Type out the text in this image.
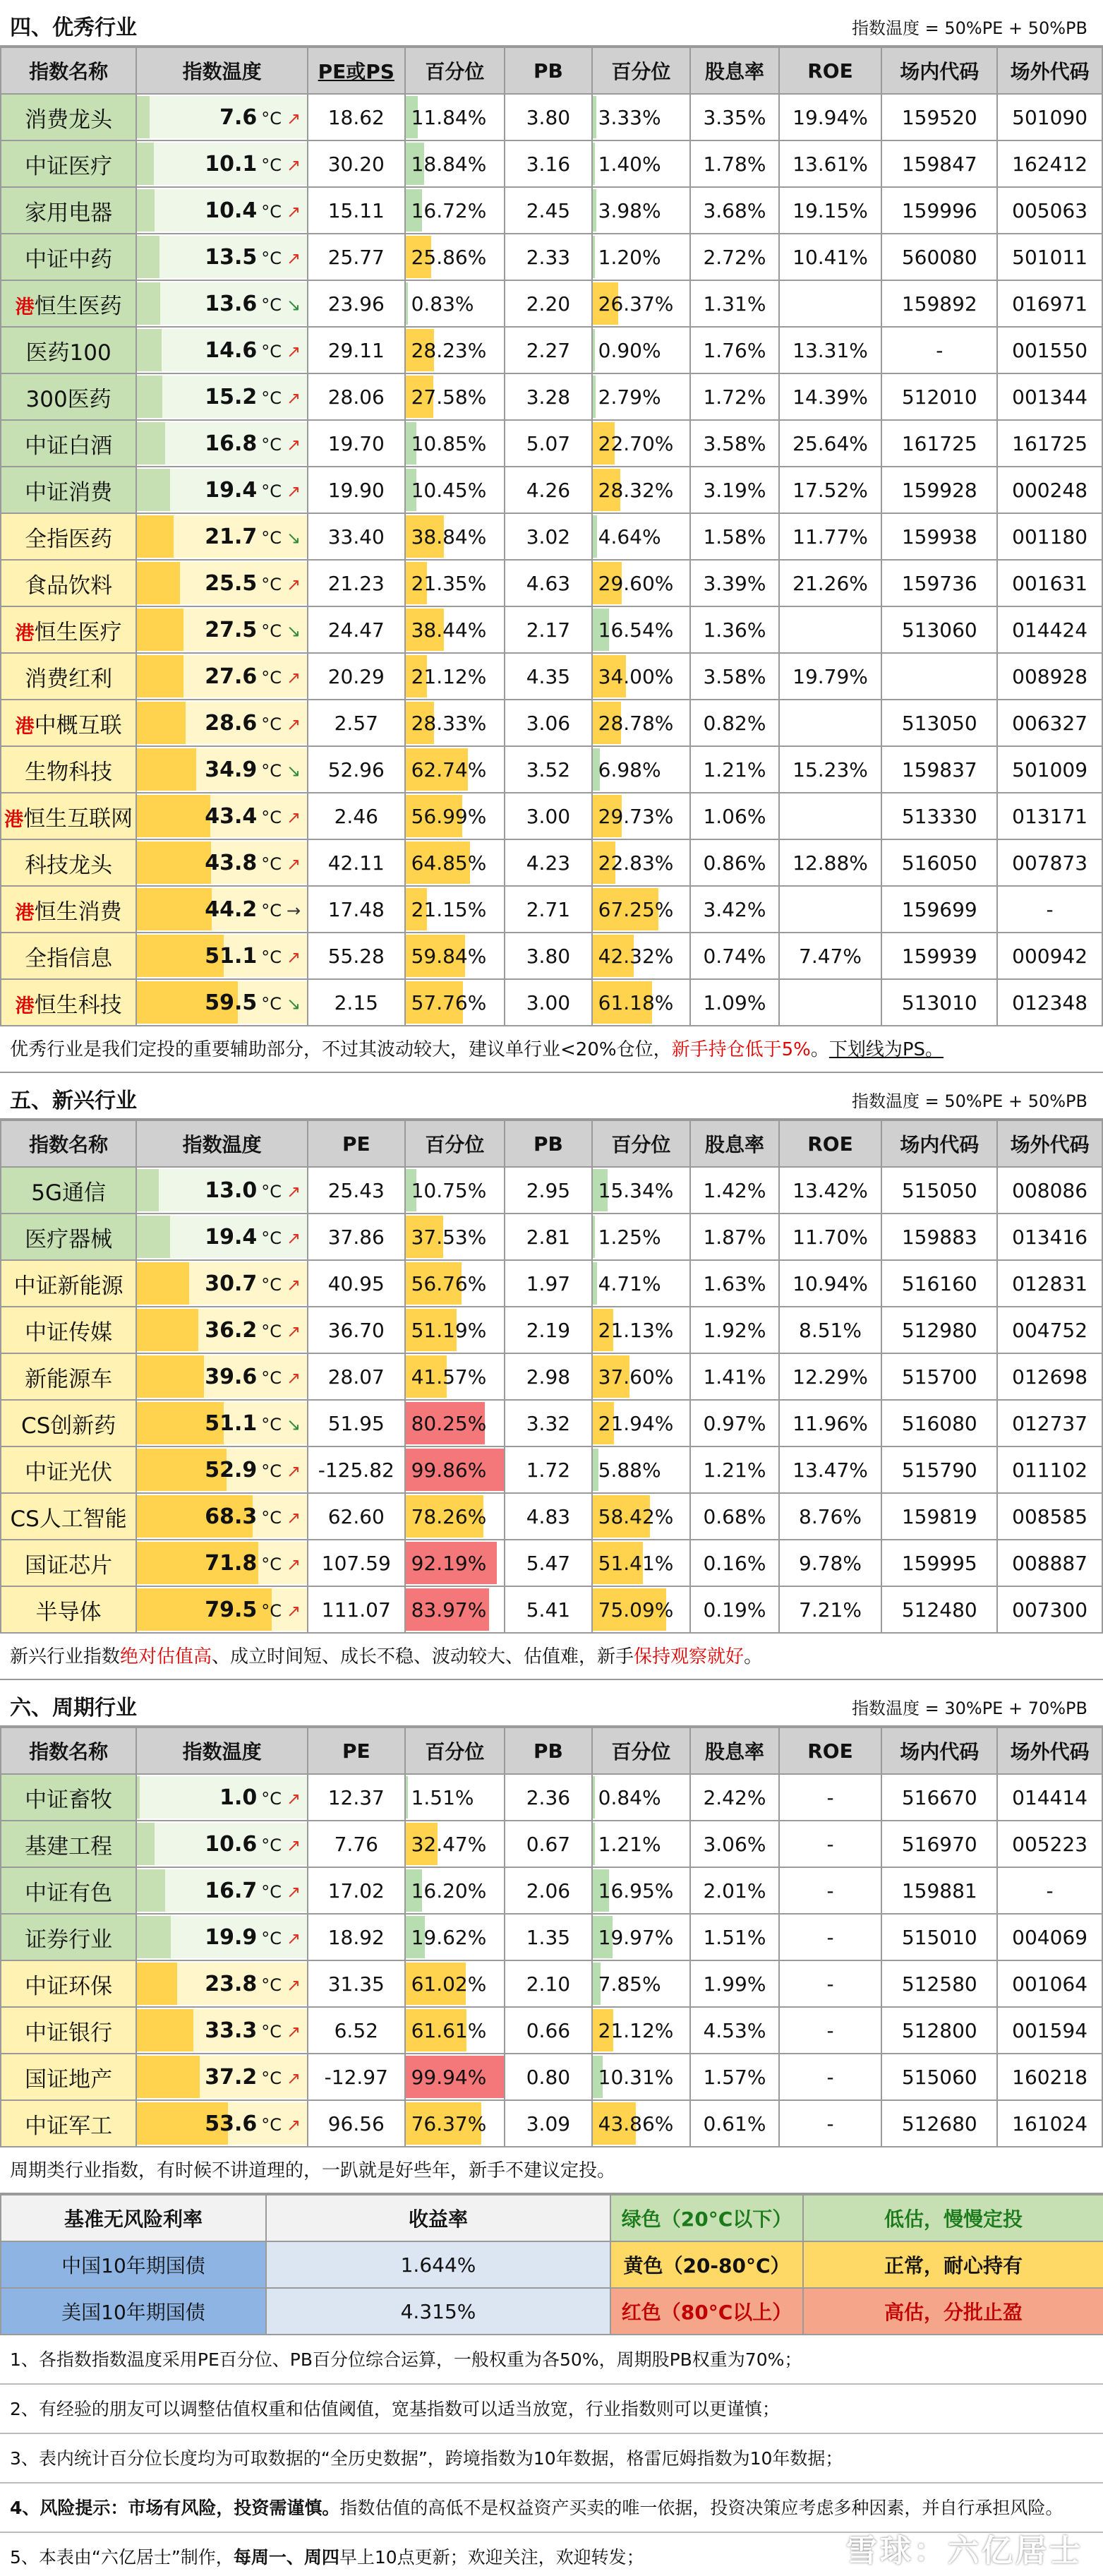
四、优秀行业	指数温度 = 50%PE + 50%PB
指数名称	指数温度	PE或PS	百分位	PB	百分位	股息率	ROE	场内代码	场外代码
消费龙头	7.6 °C ↗	18.62	11.84%	3.80	3.33%	3.35%	19.94%	159520	501090
中证医疗	10.1 °C ↗	30.20	18.84%	3.16	1.40%	1.78%	13.61%	159847	162412
家用电器	10.4 °C ↗	15.11	16.72%	2.45	3.98%	3.68%	19.15%	159996	005063
中证中药	13.5 °C ↗	25.77	25.86%	2.33	1.20%	2.72%	10.41%	560080	501011
港恒生医药	13.6 °C ↘	23.96	0.83%	2.20	26.37%	1.31%		159892	016971
医药100	14.6 °C ↗	29.11	28.23%	2.27	0.90%	1.76%	13.31%	-	001550
300医药	15.2 °C ↗	28.06	27.58%	3.28	2.79%	1.72%	14.39%	512010	001344
中证白酒	16.8 °C ↗	19.70	10.85%	5.07	22.70%	3.58%	25.64%	161725	161725
中证消费	19.4 °C ↗	19.90	10.45%	4.26	28.32%	3.19%	17.52%	159928	000248
全指医药	21.7 °C ↘	33.40	38.84%	3.02	4.64%	1.58%	11.77%	159938	001180
食品饮料	25.5 °C ↗	21.23	21.35%	4.63	29.60%	3.39%	21.26%	159736	001631
港恒生医疗	27.5 °C ↘	24.47	38.44%	2.17	16.54%	1.36%		513060	014424
消费红利	27.6 °C ↗	20.29	21.12%	4.35	34.00%	3.58%	19.79%		008928
港中概互联	28.6 °C ↗	2.57	28.33%	3.06	28.78%	0.82%		513050	006327
生物科技	34.9 °C ↘	52.96	62.74%	3.52	6.98%	1.21%	15.23%	159837	501009
港恒生互联网	43.4 °C ↗	2.46	56.99%	3.00	29.73%	1.06%		513330	013171
科技龙头	43.8 °C ↗	42.11	64.85%	4.23	22.83%	0.86%	12.88%	516050	007873
港恒生消费	44.2 °C →	17.48	21.15%	2.71	67.25%	3.42%		159699	-
全指信息	51.1 °C ↗	55.28	59.84%	3.80	42.32%	0.74%	7.47%	159939	000942
港恒生科技	59.5 °C ↘	2.15	57.76%	3.00	61.18%	1.09%		513010	012348
优秀行业是我们定投的重要辅助部分，不过其波动较大，建议单行业<20%仓位，新手持仓低于5%。下划线为PS。
五、新兴行业	指数温度 = 50%PE + 50%PB
指数名称	指数温度	PE	百分位	PB	百分位	股息率	ROE	场内代码	场外代码
5G通信	13.0 °C ↗	25.43	10.75%	2.95	15.34%	1.42%	13.42%	515050	008086
医疗器械	19.4 °C ↗	37.86	37.53%	2.81	1.25%	1.87%	11.70%	159883	013416
中证新能源	30.7 °C ↗	40.95	56.76%	1.97	4.71%	1.63%	10.94%	516160	012831
中证传媒	36.2 °C ↗	36.70	51.19%	2.19	21.13%	1.92%	8.51%	512980	004752
新能源车	39.6 °C ↗	28.07	41.57%	2.98	37.60%	1.41%	12.29%	515700	012698
CS创新药	51.1 °C ↘	51.95	80.25%	3.32	21.94%	0.97%	11.96%	516080	012737
中证光伏	52.9 °C ↗	-125.82	99.86%	1.72	5.88%	1.21%	13.47%	515790	011102
CS人工智能	68.3 °C ↗	62.60	78.26%	4.83	58.42%	0.68%	8.76%	159819	008585
国证芯片	71.8 °C ↗	107.59	92.19%	5.47	51.41%	0.16%	9.78%	159995	008887
半导体	79.5 °C ↗	111.07	83.97%	5.41	75.09%	0.19%	7.21%	512480	007300
新兴行业指数绝对估值高、成立时间短、成长不稳、波动较大、估值难，新手保持观察就好。
六、周期行业	指数温度 = 30%PE + 70%PB
指数名称	指数温度	PE	百分位	PB	百分位	股息率	ROE	场内代码	场外代码
中证畜牧	1.0 °C ↗	12.37	1.51%	2.36	0.84%	2.42%	-	516670	014414
基建工程	10.6 °C ↗	7.76	32.47%	0.67	1.21%	3.06%	-	516970	005223
中证有色	16.7 °C ↗	17.02	16.20%	2.06	16.95%	2.01%	-	159881	-
证券行业	19.9 °C ↗	18.92	19.62%	1.35	19.97%	1.51%	-	515010	004069
中证环保	23.8 °C ↗	31.35	61.02%	2.10	7.85%	1.99%	-	512580	001064
中证银行	33.3 °C ↗	6.52	61.61%	0.66	21.12%	4.53%	-	512800	001594
国证地产	37.2 °C ↗	-12.97	99.94%	0.80	10.31%	1.57%	-	515060	160218
中证军工	53.6 °C ↗	96.56	76.37%	3.09	43.86%	0.61%	-	512680	161024
周期类行业指数，有时候不讲道理的，一趴就是好些年，新手不建议定投。
基准无风险利率	收益率	绿色（20°C以下）	低估，慢慢定投
中国10年期国债	1.644%	黄色（20-80°C）	正常，耐心持有
美国10年期国债	4.315%	红色（80°C以上）	高估，分批止盈
1、各指数指数温度采用PE百分位、PB百分位综合运算，一般权重为各50%，周期股PB权重为70%；
2、有经验的朋友可以调整估值权重和估值阈值，宽基指数可以适当放宽，行业指数则可以更谨慎；
3、表内统计百分位长度均为可取数据的“全历史数据”，跨境指数为10年数据，格雷厄姆指数为10年数据；
4、风险提示：市场有风险，投资需谨慎。指数估值的高低不是权益资产买卖的唯一依据，投资决策应考虑多种因素，并自行承担风险。
5、本表由“六亿居士”制作，每周一、周四早上10点更新；欢迎关注，欢迎转发；	雪球：六亿居士
